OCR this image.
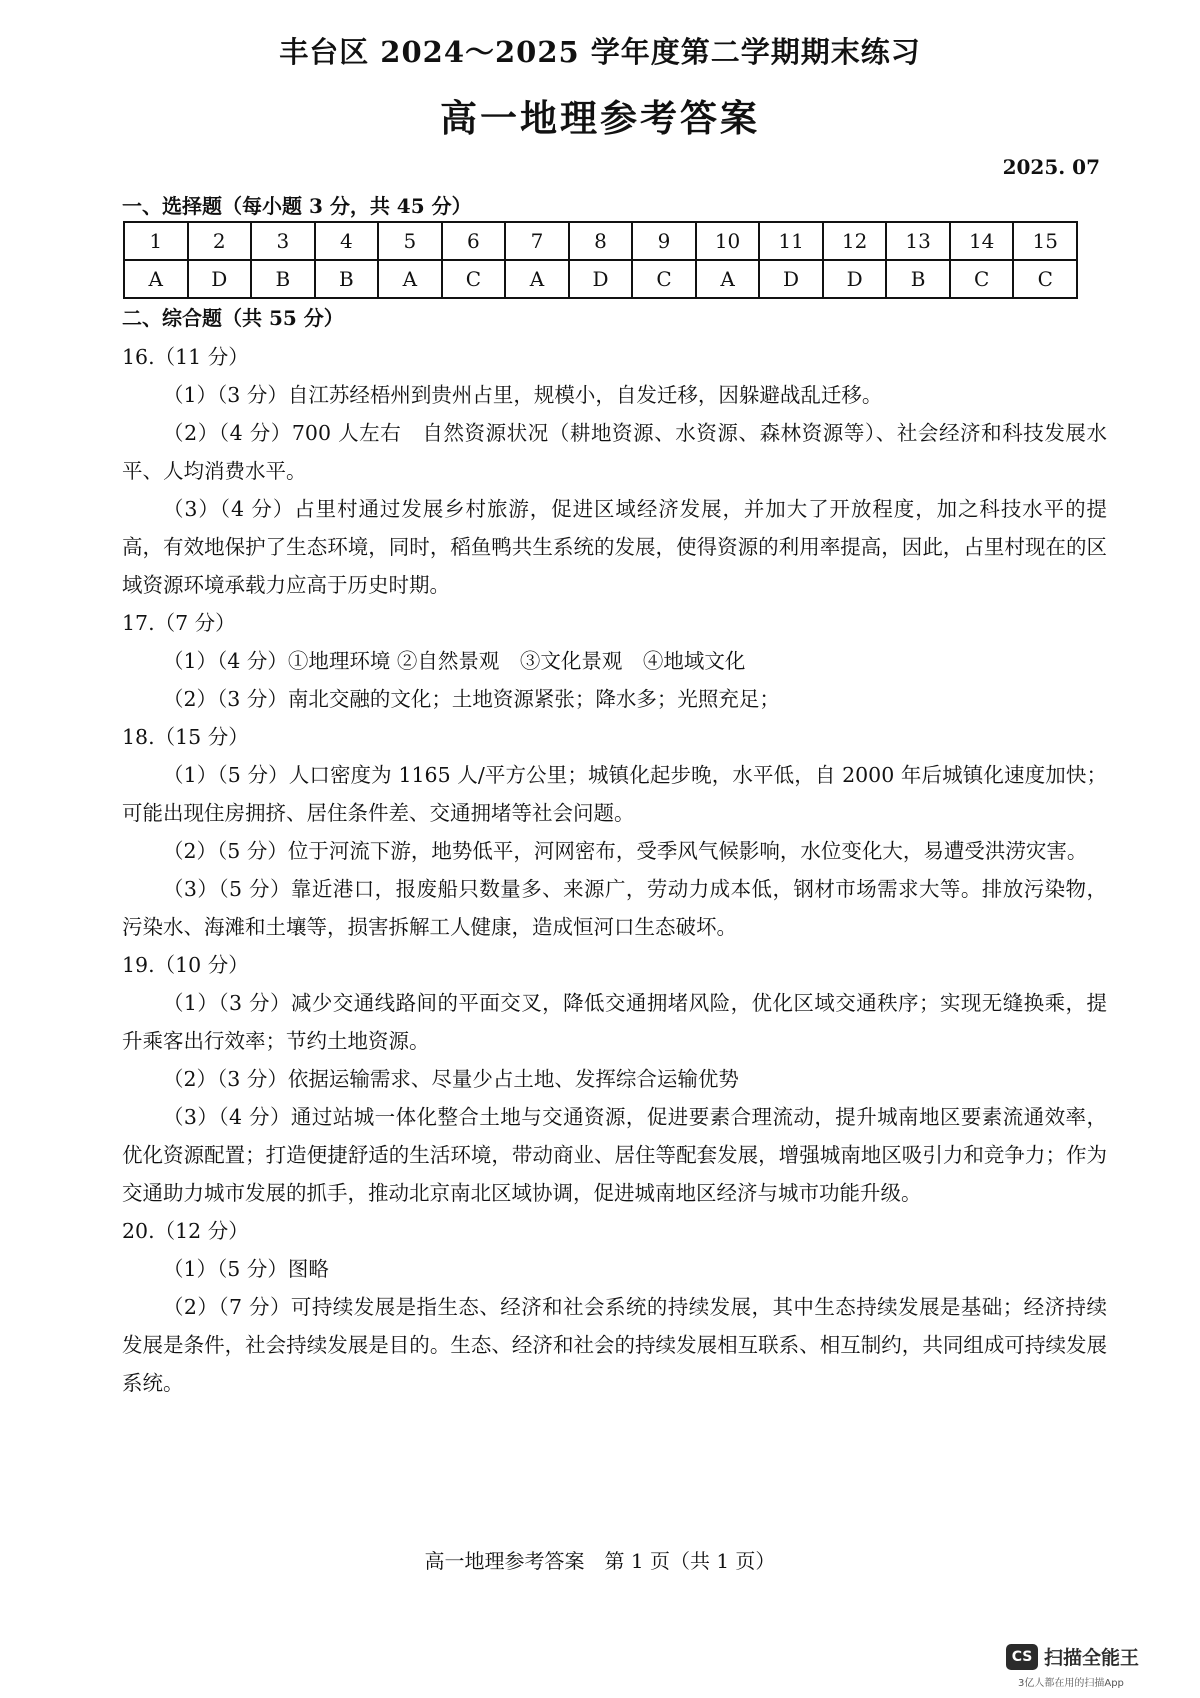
丰台区 2024～2025 学年度第二学期期末练习
高一地理参考答案
2025. 07
一、选择题（每小题 3 分，共 45 分）
1	2	3	4	5	6	7	8	9	10	11	12	13	14	15
A	D	B	B	A	C	A	D	C	A	D	D	B	C	C
二、综合题（共 55 分）

16.（11 分）

（1）（3 分）自江苏经梧州到贵州占里，规模小，自发迁移，因躲避战乱迁移。

（2）（4 分）700 人左右　自然资源状况（耕地资源、水资源、森林资源等）、社会经济和科技发展水平、人均消费水平。

（3）（4 分）占里村通过发展乡村旅游，促进区域经济发展，并加大了开放程度，加之科技水平的提高，有效地保护了生态环境，同时，稻鱼鸭共生系统的发展，使得资源的利用率提高，因此，占里村现在的区域资源环境承载力应高于历史时期。

17.（7 分）

（1）（4 分）①地理环境 ②自然景观　③文化景观　④地域文化

（2）（3 分）南北交融的文化；土地资源紧张；降水多；光照充足；

18.（15 分）

（1）（5 分）人口密度为 1165 人/平方公里；城镇化起步晚，水平低，自 2000 年后城镇化速度加快；可能出现住房拥挤、居住条件差、交通拥堵等社会问题。

（2）（5 分）位于河流下游，地势低平，河网密布，受季风气候影响，水位变化大，易遭受洪涝灾害。

（3）（5 分）靠近港口，报废船只数量多、来源广，劳动力成本低，钢材市场需求大等。排放污染物，污染水、海滩和土壤等，损害拆解工人健康，造成恒河口生态破坏。

19.（10 分）

（1）（3 分）减少交通线路间的平面交叉，降低交通拥堵风险，优化区域交通秩序；实现无缝换乘，提升乘客出行效率；节约土地资源。

（2）（3 分）依据运输需求、尽量少占土地、发挥综合运输优势

（3）（4 分）通过站城一体化整合土地与交通资源，促进要素合理流动，提升城南地区要素流通效率，优化资源配置；打造便捷舒适的生活环境，带动商业、居住等配套发展，增强城南地区吸引力和竞争力；作为交通助力城市发展的抓手，推动北京南北区域协调，促进城南地区经济与城市功能升级。

20.（12 分）

（1）（5 分）图略

（2）（7 分）可持续发展是指生态、经济和社会系统的持续发展，其中生态持续发展是基础；经济持续发展是条件，社会持续发展是目的。生态、经济和社会的持续发展相互联系、相互制约，共同组成可持续发展系统。

高一地理参考答案　第 1 页（共 1 页）
CS 扫描全能王
3亿人都在用的扫描App
